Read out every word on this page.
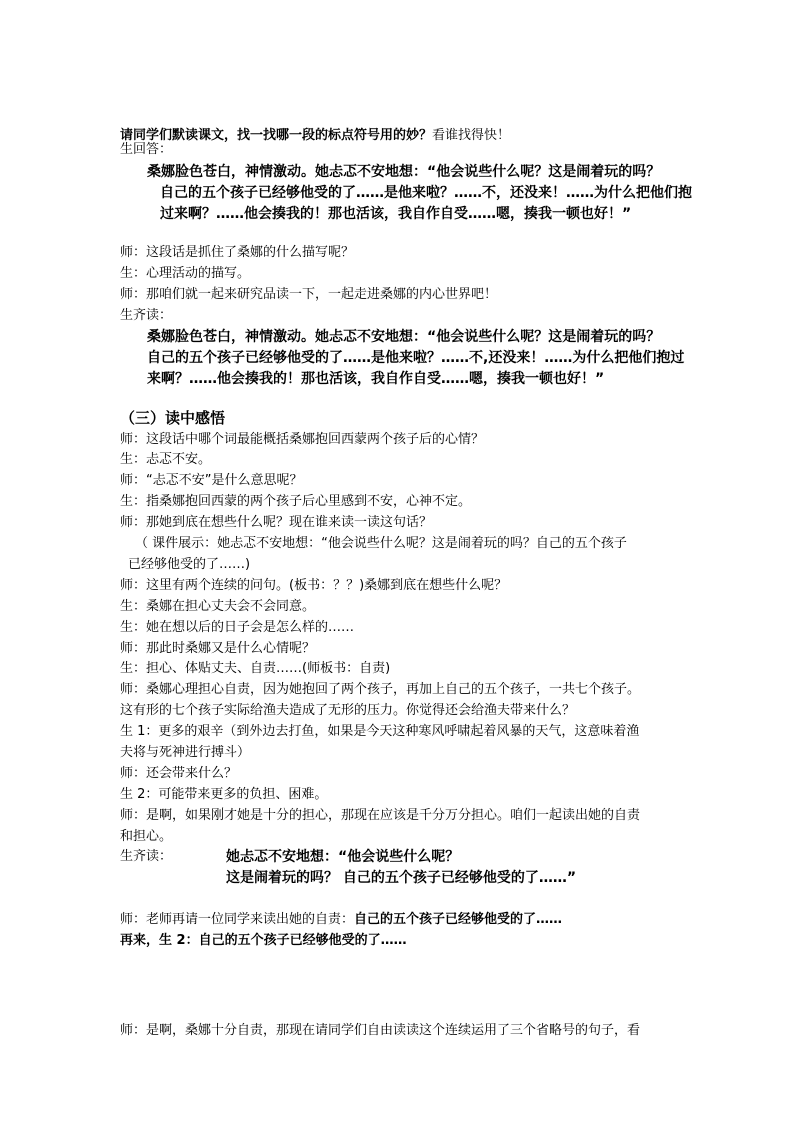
请同学们默读课文，找一找哪一段的标点符号用的妙？看谁找得快！
生回答：
桑娜脸色苍白，神情激动。她忐忑不安地想：“他会说些什么呢？这是闹着玩的吗？
自己的五个孩子已经够他受的了……是他来啦？……不，还没来！……为什么把他们抱
过来啊？……他会揍我的！那也活该，我自作自受……嗯，揍我一顿也好！”
师：这段话是抓住了桑娜的什么描写呢？
生：心理活动的描写。
师：那咱们就一起来研究品读一下，一起走进桑娜的内心世界吧！
生齐读：
桑娜脸色苍白，神情激动。她忐忑不安地想：“他会说些什么呢？这是闹着玩的吗？
自己的五个孩子已经够他受的了……是他来啦？……不,还没来！……为什么把他们抱过
来啊？……他会揍我的！那也活该，我自作自受……嗯，揍我一顿也好！”
（三）读中感悟
师：这段话中哪个词最能概括桑娜抱回西蒙两个孩子后的心情？
生：忐忑不安。
师：“忐忑不安”是什么意思呢？
生：指桑娜抱回西蒙的两个孩子后心里感到不安，心神不定。
师：那她到底在想些什么呢？现在谁来读一读这句话？
（ 课件展示：她忐忑不安地想：“他会说些什么呢？这是闹着玩的吗？自己的五个孩子
已经够他受的了……)
师：这里有两个连续的问句。(板书：？？)桑娜到底在想些什么呢？
生：桑娜在担心丈夫会不会同意。
生：她在想以后的日子会是怎么样的……
师：那此时桑娜又是什么心情呢？
生：担心、体贴丈夫、自责……(师板书：自责)
师：桑娜心理担心自责，因为她抱回了两个孩子，再加上自己的五个孩子，一共七个孩子。
这有形的七个孩子实际给渔夫造成了无形的压力。你觉得还会给渔夫带来什么？
生 1：更多的艰辛（到外边去打鱼，如果是今天这种寒风呼啸起着风暴的天气，这意味着渔
夫将与死神进行搏斗）
师：还会带来什么？
生 2：可能带来更多的负担、困难。
师：是啊，如果刚才她是十分的担心，那现在应该是千分万分担心。咱们一起读出她的自责
和担心。
生齐读：	她忐忑不安地想：“他会说些什么呢？
这是闹着玩的吗？ 自己的五个孩子已经够他受的了……”
师：老师再请一位同学来读出她的自责：自己的五个孩子已经够他受的了……
再来，生 2：自己的五个孩子已经够他受的了……
师：是啊，桑娜十分自责，那现在请同学们自由读读这个连续运用了三个省略号的句子，看
